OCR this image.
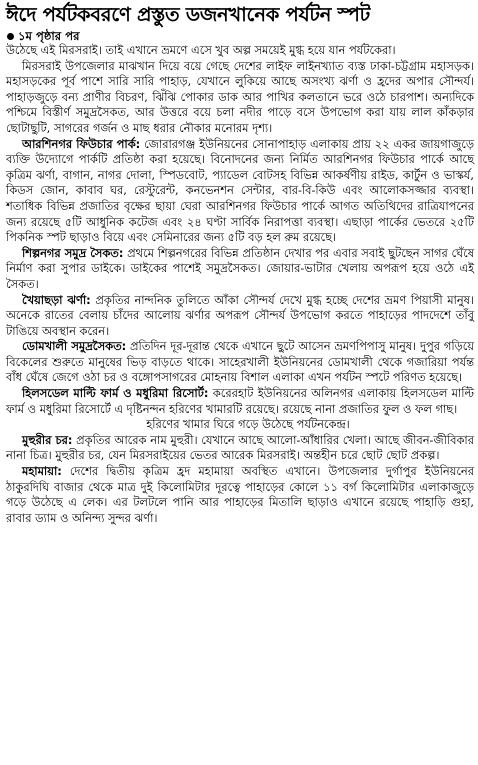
ঈদে পর্যটকবরণে প্রস্তুত ডজনখানেক পর্যটন স্পট
১ম পৃষ্ঠার পর

উঠেছে এই মিরসরাই। তাই এখানে ভ্রমণে এসে খুব অল্প সময়েই মুগ্ধ হয়ে যান পর্যটকেরা।

মিরসরাই উপজেলার মাঝখান দিয়ে বয়ে গেছে দেশের লাইফ লাইনখ্যাত ব্যস্ত ঢাকা-চট্টগ্রাম মহাসড়ক। মহাসড়কের পূর্ব পাশে সারি সারি পাহাড়, যেখানে লুকিয়ে আছে অসংখ্য ঝর্ণা ও হ্রদের অপার সৌন্দর্য। পাহাড়জুড়ে বন্য প্রাণীর বিচরণ, ঝিঁঝি পোকার ডাক আর পাখির কলতানে ভরে ওঠে চারপাশ। অন্যদিকে পশ্চিমে বিস্তীর্ণ সমুদ্রসৈকত, আর উত্তরে বয়ে চলা নদীর পাড়ে বসে উপভোগ করা যায় লাল কাঁকড়ার ছোটাছুটি, সাগরের গর্জন ও মাছ ধরার নৌকার মনোরম দৃশ্য।

আরশিনগর ফিউচার পার্ক: জোরারগঞ্জ ইউনিয়নের সোনাপাহাড় এলাকায় প্রায় ২২ একর জায়গাজুড়ে ব্যক্তি উদ্যোগে পার্কটি প্রতিষ্ঠা করা হয়েছে। বিনোদনের জন্য নির্মিত আরশিনগর ফিউচার পার্কে আছে কৃত্রিম ঝর্ণা, বাগান, নাগর দোলা, স্পিডবোট, প্যাডেল বোটসহ বিভিন্ন আকর্ষণীয় রাইড, কার্টুন ও ভাস্কর্য, কিডস জোন, কাবাব ঘর, রেস্টুরেন্ট, কনভেনশন সেন্টার, বার-বি-কিউ এবং আলোকসজ্জার ব্যবস্থা। শতাধিক বিভিন্ন প্রজাতির বৃক্ষের ছায়া ঘেরা আরশিনগর ফিউচার পার্কে আগত অতিথিদের রাত্রিযাপনের জন্য রয়েছে ৫টি আধুনিক কটেজ এবং ২৪ ঘণ্টা সার্বিক নিরাপত্তা ব্যবস্থা। এছাড়া পার্কের ভেতরে ২৫টি পিকনিক স্পট ছাড়াও বিয়ে এবং সেমিনারের জন্য ৫টি বড় হল রুম রয়েছে।

শিল্পনগর সমুদ্র সৈকত: প্রথমে শিল্পনগরের বিভিন্ন প্রতিষ্ঠান দেখার পর এবার সবাই ছুটছেন সাগর ঘেঁষে নির্মাণ করা সুপার ডাইকে। ডাইকের পাশেই সমুদ্রসৈকত। জোয়ার-ভাটার খেলায় অপরূপ হয়ে ওঠে এই সৈকত।

খৈয়াছড়া ঝর্ণা: প্রকৃতির নান্দনিক তুলিতে আঁকা সৌন্দর্য দেখে মুগ্ধ হচ্ছে দেশের ভ্রমণ পিয়াসী মানুষ। অনেকে রাতের বেলায় চাঁদের আলোয় ঝর্ণার অপরূপ সৌন্দর্য উপভোগ করতে পাহাড়ের পাদদেশে তাঁবু টাঙিয়ে অবস্থান করেন।

ডোমখালী সমুদ্রসৈকত: প্রতিদিন দূর-দূরান্ত থেকে এখানে ছুটে আসেন ভ্রমণপিপাসু মানুষ। দুপুর গড়িয়ে বিকেলের শুরুতে মানুষের ভিড় বাড়তে থাকে। সাহেরখালী ইউনিয়নের ডোমখালী থেকে গজারিয়া পর্যন্ত বাঁধ ঘেঁষে জেগে ওঠা চর ও বঙ্গোপসাগরের মোহনায় বিশাল এলাকা এখন পর্যটন স্পটে পরিণত হয়েছে।

হিলসডেল মাল্টি ফার্ম ও মধুরিমা রিসোর্ট: করেরহাট ইউনিয়নের অলিনগর এলাকায় হিলসডেল মাল্টি ফার্ম ও মধুরিমা রিসোর্টে এ দৃষ্টিনন্দন হরিণের খামারটি রয়েছে। রয়েছে নানা প্রজাতির ফুল ও ফল গাছ।

হরিণের খামার ঘিরে গড়ে উঠেছে পর্যটনকেন্দ্র।

মুহুরীর চর: প্রকৃতির আরেক নাম মুহুরী। যেখানে আছে আলো-আঁধারির খেলা। আছে জীবন-জীবিকার নানা চিত্র। মুহুরীর চর, যেন মিরসরাইয়ের ভেতর আরেক মিরসরাই। অন্তহীন চরে ছোট ছোট প্রকল্প।

মহামায়া: দেশের দ্বিতীয় কৃত্রিম হ্রদ মহামায়া অবস্থিত এখানে। উপজেলার দুর্গাপুর ইউনিয়নের ঠাকুরদিঘি বাজার থেকে মাত্র দুই কিলোমিটার দূরত্বে পাহাড়ের কোলে ১১ বর্গ কিলোমিটার এলাকাজুড়ে গড়ে উঠেছে এ লেক। এর টলটলে পানি আর পাহাড়ের মিতালি ছাড়াও এখানে রয়েছে পাহাড়ি গুহা, রাবার ড্যাম ও অনিন্দ্য সুন্দর ঝর্ণা।
